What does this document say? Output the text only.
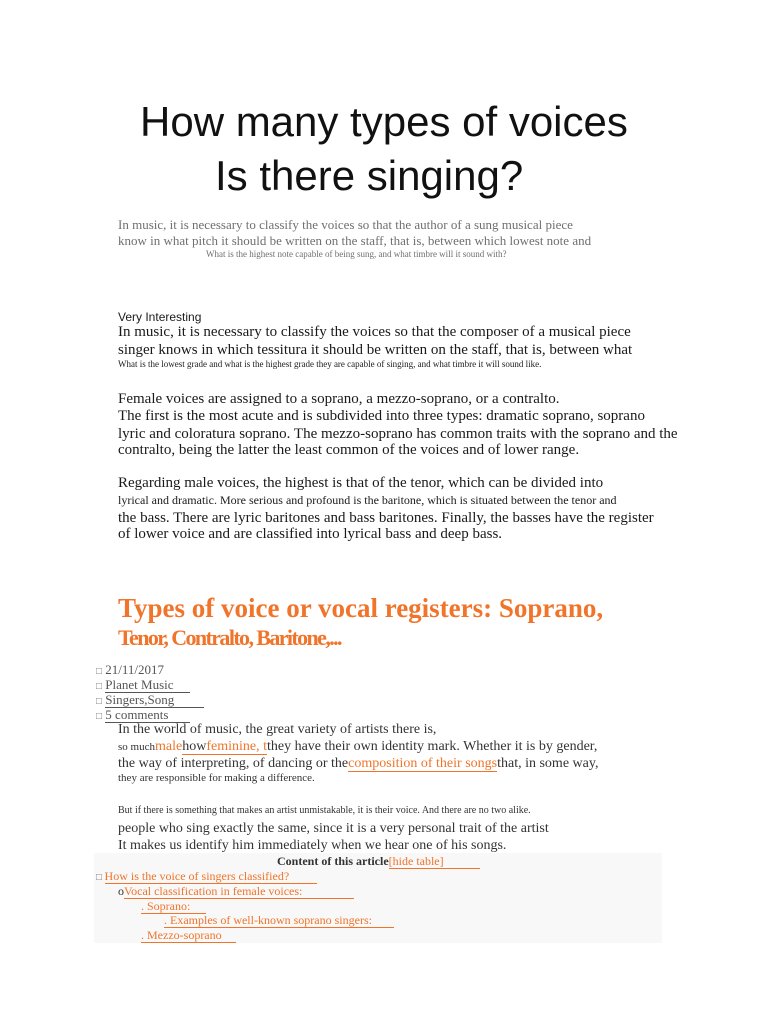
How many types of voices
Is there singing?
In music, it is necessary to classify the voices so that the author of a sung musical piece
know in what pitch it should be written on the staff, that is, between which lowest note and
What is the highest note capable of being sung, and what timbre will it sound with?
Very Interesting
In music, it is necessary to classify the voices so that the composer of a musical piece
singer knows in which tessitura it should be written on the staff, that is, between what
What is the lowest grade and what is the highest grade they are capable of singing, and what timbre it will sound like.
Female voices are assigned to a soprano, a mezzo-soprano, or a contralto.
The first is the most acute and is subdivided into three types: dramatic soprano, soprano
lyric and coloratura soprano. The mezzo-soprano has common traits with the soprano and the
contralto, being the latter the least common of the voices and of lower range.
Regarding male voices, the highest is that of the tenor, which can be divided into
lyrical and dramatic. More serious and profound is the baritone, which is situated between the tenor and
the bass. There are lyric baritones and bass baritones. Finally, the basses have the register
of lower voice and are classified into lyrical bass and deep bass.
Types of voice or vocal registers: Soprano,
Tenor, Contralto, Baritone,...
□ 21/11/2017
□ Planet Music
□ Singers,Song
□ 5 comments
In the world of music, the great variety of artists there is,
so muchmalehowfeminine, tthey have their own identity mark. Whether it is by gender,
the way of interpreting, of dancing or thecomposition of their songsthat, in some way,
they are responsible for making a difference.
But if there is something that makes an artist unmistakable, it is their voice. And there are no two alike.
people who sing exactly the same, since it is a very personal trait of the artist
It makes us identify him immediately when we hear one of his songs.
Content of this article[hide table]
□ How is the voice of singers classified?
oVocal classification in female voices:
. Soprano:
. Examples of well-known soprano singers:
. Mezzo-soprano
